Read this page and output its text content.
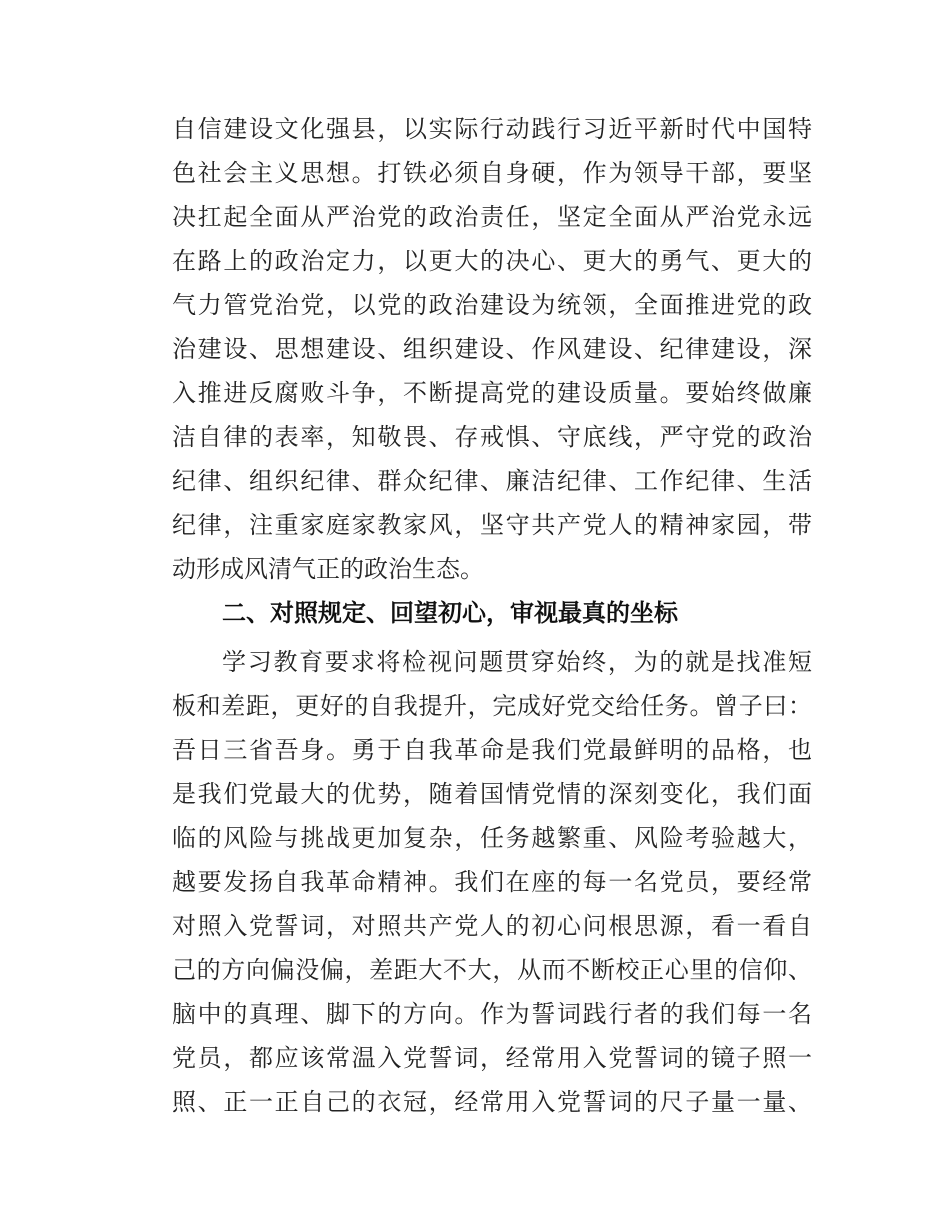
自信建设文化强县，以实际行动践行习近平新时代中国特
色社会主义思想。打铁必须自身硬，作为领导干部，要坚
决扛起全面从严治党的政治责任，坚定全面从严治党永远
在路上的政治定力，以更大的决心、更大的勇气、更大的
气力管党治党，以党的政治建设为统领，全面推进党的政
治建设、思想建设、组织建设、作风建设、纪律建设，深
入推进反腐败斗争，不断提高党的建设质量。要始终做廉
洁自律的表率，知敬畏、存戒惧、守底线，严守党的政治
纪律、组织纪律、群众纪律、廉洁纪律、工作纪律、生活
纪律，注重家庭家教家风，坚守共产党人的精神家园，带
动形成风清气正的政治生态。
二、对照规定、回望初心，审视最真的坐标
学习教育要求将检视问题贯穿始终，为的就是找准短
板和差距，更好的自我提升，完成好党交给任务。曾子曰：
吾日三省吾身。勇于自我革命是我们党最鲜明的品格，也
是我们党最大的优势，随着国情党情的深刻变化，我们面
临的风险与挑战更加复杂，任务越繁重、风险考验越大，
越要发扬自我革命精神。我们在座的每一名党员，要经常
对照入党誓词，对照共产党人的初心问根思源，看一看自
己的方向偏没偏，差距大不大，从而不断校正心里的信仰、
脑中的真理、脚下的方向。作为誓词践行者的我们每一名
党员，都应该常温入党誓词，经常用入党誓词的镜子照一
照、正一正自己的衣冠，经常用入党誓词的尺子量一量、
